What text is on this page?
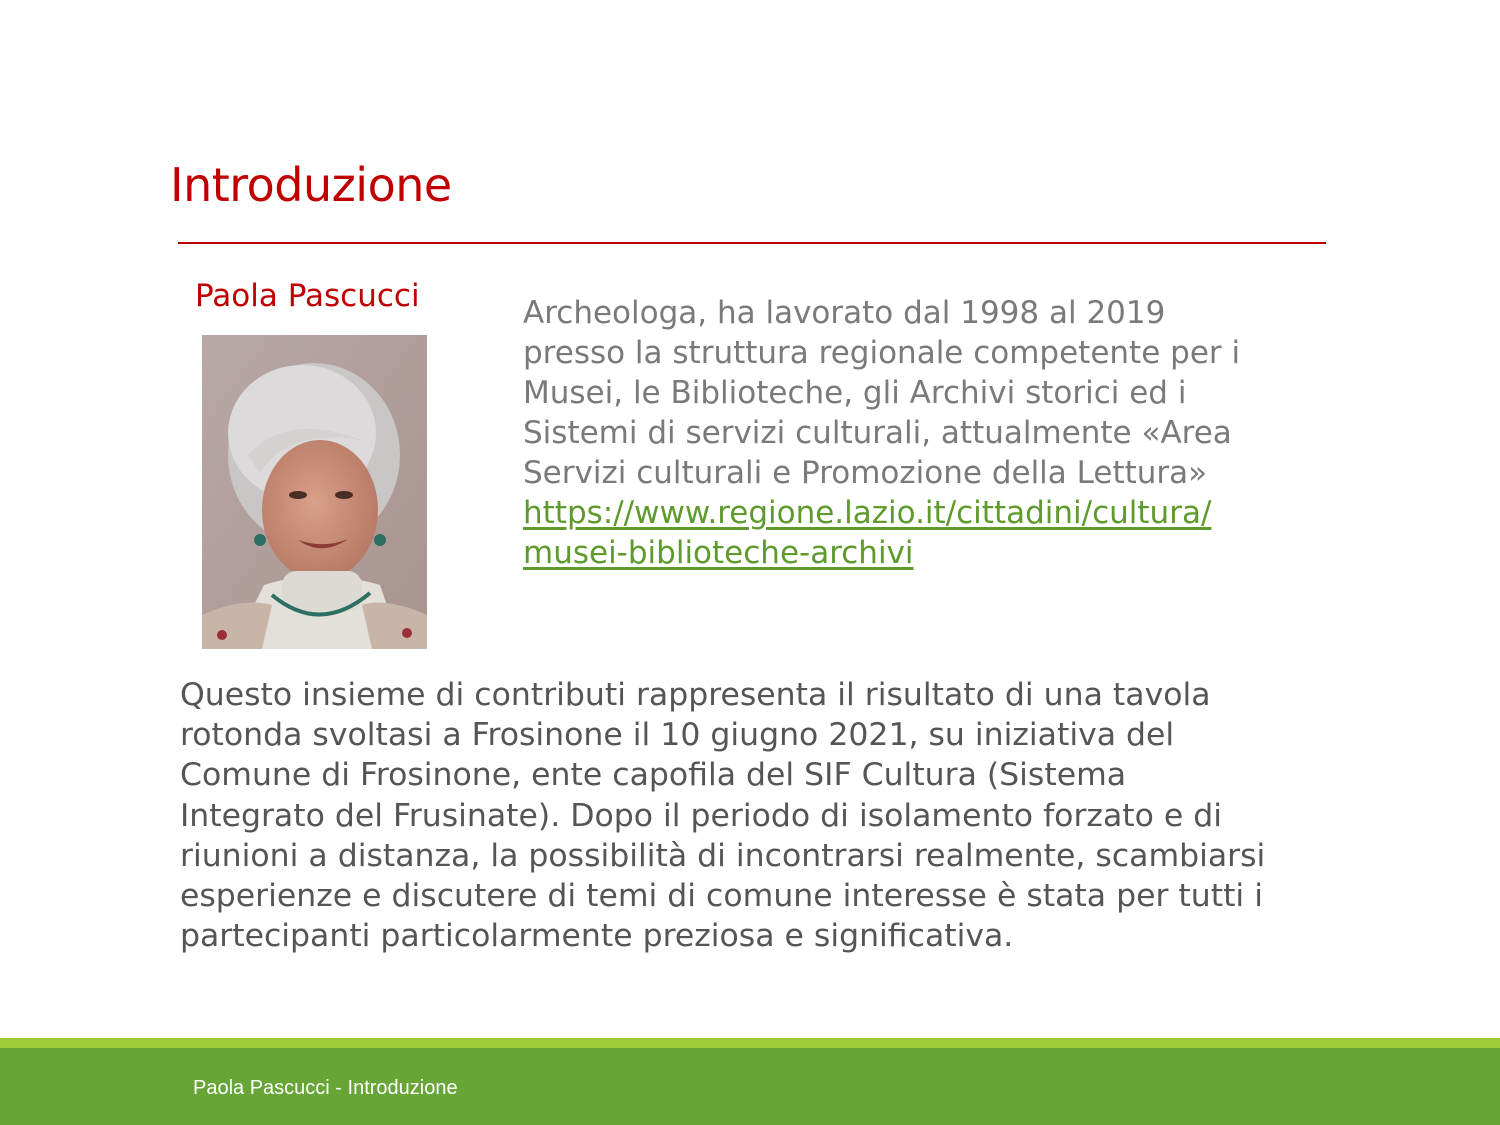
Introduzione
Paola Pascucci	Archeologa, ha lavorato dal 1998 al 2019
presso la struttura regionale competente per i
Musei, le Biblioteche, gli Archivi storici ed i
Sistemi di servizi culturali, attualmente «Area
Servizi culturali e Promozione della Lettura»
https://www.regione.lazio.it/cittadini/cultura/
musei-biblioteche-archivi
Questo insieme di contributi rappresenta il risultato di una tavola
rotonda svoltasi a Frosinone il 10 giugno 2021, su iniziativa del
Comune di Frosinone, ente capofila del SIF Cultura (Sistema
Integrato del Frusinate). Dopo il periodo di isolamento forzato e di
riunioni a distanza, la possibilità di incontrarsi realmente, scambiarsi
esperienze e discutere di temi di comune interesse è stata per tutti i
partecipanti particolarmente preziosa e significativa.
Paola Pascucci - Introduzione
